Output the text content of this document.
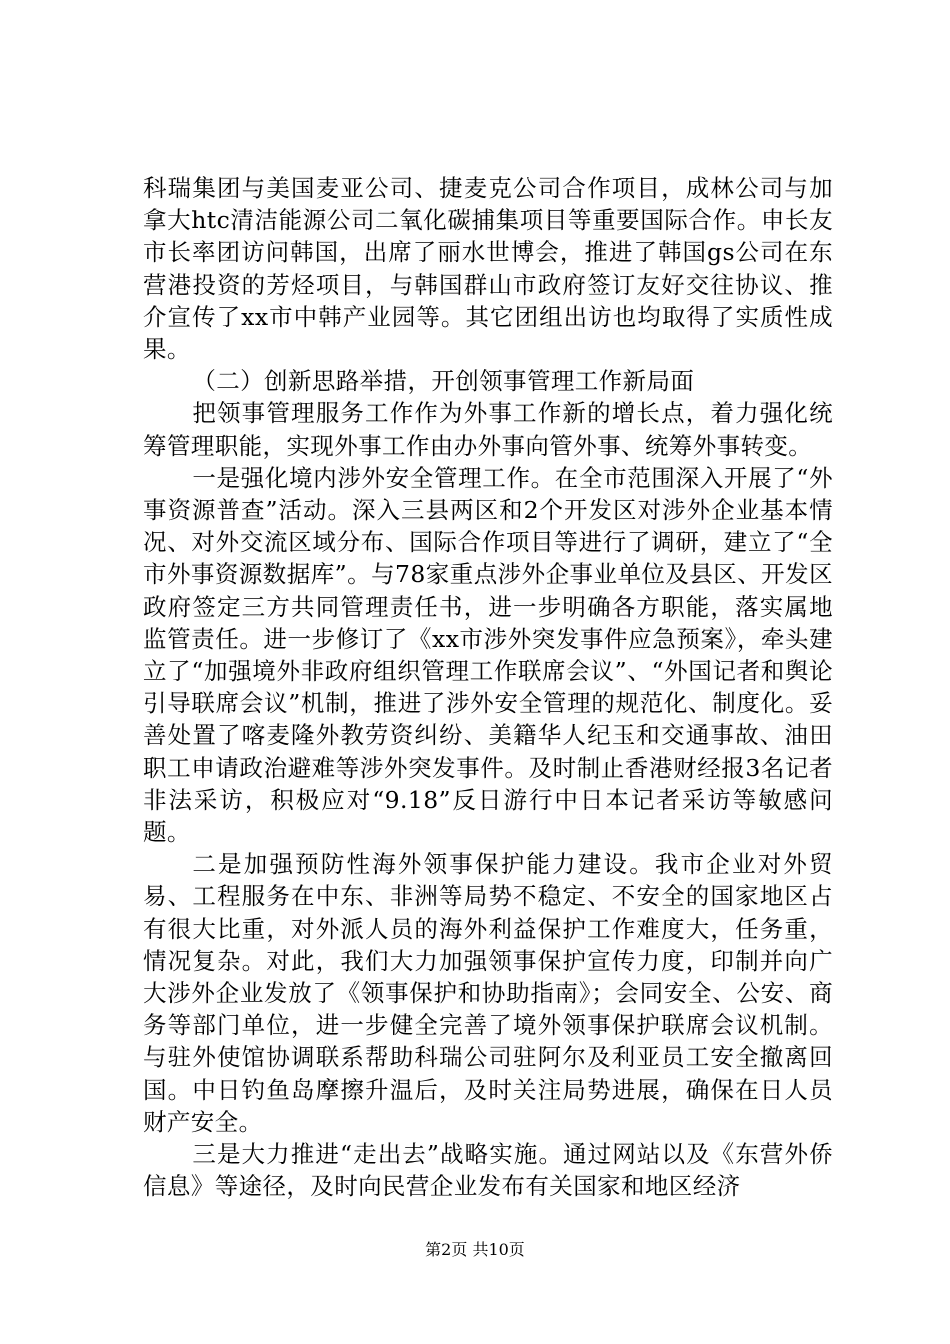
科瑞集团与美国麦亚公司、捷麦克公司合作项目，成林公司与加拿大htc清洁能源公司二氧化碳捕集项目等重要国际合作。申长友市长率团访问韩国，出席了丽水世博会，推进了韩国gs公司在东营港投资的芳烃项目，与韩国群山市政府签订友好交往协议、推介宣传了xx市中韩产业园等。其它团组出访也均取得了实质性成果。

（二）创新思路举措，开创领事管理工作新局面

把领事管理服务工作作为外事工作新的增长点，着力强化统筹管理职能，实现外事工作由办外事向管外事、统筹外事转变。

一是强化境内涉外安全管理工作。在全市范围深入开展了“外事资源普查”活动。深入三县两区和2个开发区对涉外企业基本情况、对外交流区域分布、国际合作项目等进行了调研，建立了“全市外事资源数据库”。与78家重点涉外企事业单位及县区、开发区政府签定三方共同管理责任书，进一步明确各方职能，落实属地监管责任。进一步修订了《xx市涉外突发事件应急预案》，牵头建立了“加强境外非政府组织管理工作联席会议”、“外国记者和舆论引导联席会议”机制，推进了涉外安全管理的规范化、制度化。妥善处置了喀麦隆外教劳资纠纷、美籍华人纪玉和交通事故、油田职工申请政治避难等涉外突发事件。及时制止香港财经报3名记者非法采访，积极应对“9.18”反日游行中日本记者采访等敏感问题。

二是加强预防性海外领事保护能力建设。我市企业对外贸易、工程服务在中东、非洲等局势不稳定、不安全的国家地区占有很大比重，对外派人员的海外利益保护工作难度大，任务重，情况复杂。对此，我们大力加强领事保护宣传力度，印制并向广大涉外企业发放了《领事保护和协助指南》；会同安全、公安、商务等部门单位，进一步健全完善了境外领事保护联席会议机制。与驻外使馆协调联系帮助科瑞公司驻阿尔及利亚员工安全撤离回国。中日钓鱼岛摩擦升温后，及时关注局势进展，确保在日人员财产安全。

三是大力推进“走出去”战略实施。通过网站以及《东营外侨信息》等途径，及时向民营企业发布有关国家和地区经济

第2页 共10页
